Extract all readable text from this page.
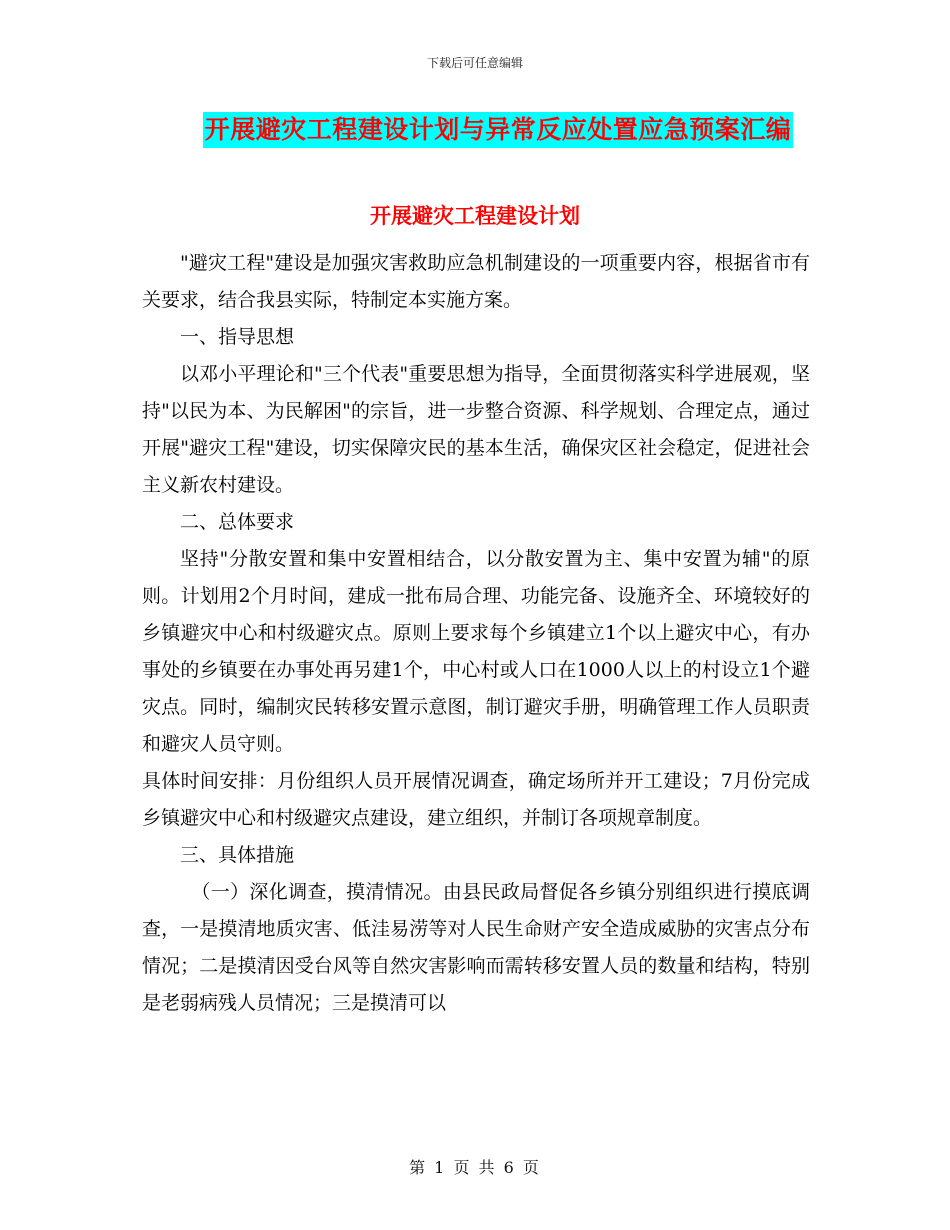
下载后可任意编辑
开展避灾工程建设计划与异常反应处置应急预案汇编
开展避灾工程建设计划

"避灾工程"建设是加强灾害救助应急机制建设的一项重要内容，根据省市有关要求，结合我县实际，特制定本实施方案。

一、指导思想

以邓小平理论和"三个代表"重要思想为指导，全面贯彻落实科学进展观，坚持"以民为本、为民解困"的宗旨，进一步整合资源、科学规划、合理定点，通过开展"避灾工程"建设，切实保障灾民的基本生活，确保灾区社会稳定，促进社会主义新农村建设。

二、总体要求

坚持"分散安置和集中安置相结合，以分散安置为主、集中安置为辅"的原则。计划用2个月时间，建成一批布局合理、功能完备、设施齐全、环境较好的乡镇避灾中心和村级避灾点。原则上要求每个乡镇建立1个以上避灾中心，有办事处的乡镇要在办事处再另建1个，中心村或人口在1000人以上的村设立1个避灾点。同时，编制灾民转移安置示意图，制订避灾手册，明确管理工作人员职责和避灾人员守则。

具体时间安排：月份组织人员开展情况调查，确定场所并开工建设；7月份完成乡镇避灾中心和村级避灾点建设，建立组织，并制订各项规章制度。

三、具体措施

（一）深化调查，摸清情况。由县民政局督促各乡镇分别组织进行摸底调查，一是摸清地质灾害、低洼易涝等对人民生命财产安全造成威胁的灾害点分布情况；二是摸清因受台风等自然灾害影响而需转移安置人员的数量和结构，特别是老弱病残人员情况；三是摸清可以

第 1 页 共 6 页
